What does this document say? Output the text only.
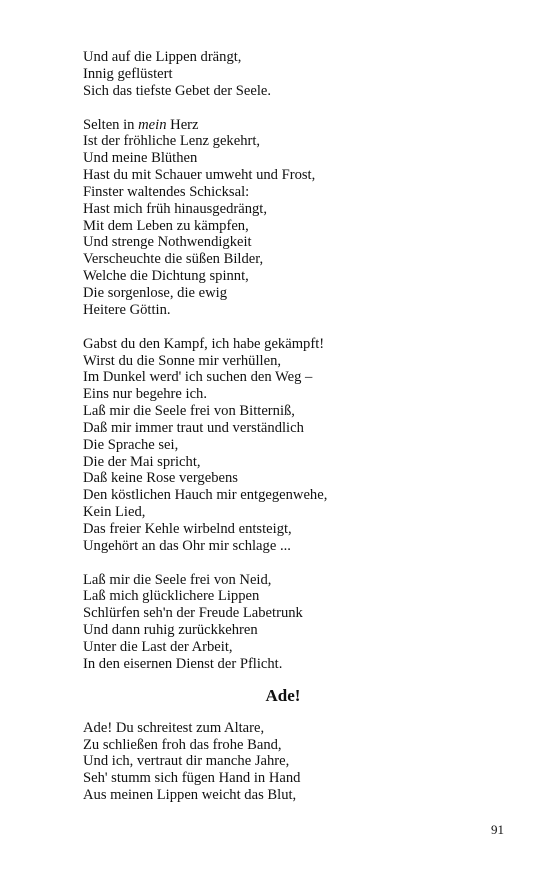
Und auf die Lippen drängt,
Innig geflüstert
Sich das tiefste Gebet der Seele.
Selten in mein Herz
Ist der fröhliche Lenz gekehrt,
Und meine Blüthen
Hast du mit Schauer umweht und Frost,
Finster waltendes Schicksal:
Hast mich früh hinausgedrängt,
Mit dem Leben zu kämpfen,
Und strenge Nothwendigkeit
Verscheuchte die süßen Bilder,
Welche die Dichtung spinnt,
Die sorgenlose, die ewig
Heitere Göttin.
Gabst du den Kampf, ich habe gekämpft!
Wirst du die Sonne mir verhüllen,
Im Dunkel werd' ich suchen den Weg –
Eins nur begehre ich.
Laß mir die Seele frei von Bitterniß,
Daß mir immer traut und verständlich
Die Sprache sei,
Die der Mai spricht,
Daß keine Rose vergebens
Den köstlichen Hauch mir entgegenwehe,
Kein Lied,
Das freier Kehle wirbelnd entsteigt,
Ungehört an das Ohr mir schlage ...
Laß mir die Seele frei von Neid,
Laß mich glücklichere Lippen
Schlürfen seh'n der Freude Labetrunk
Und dann ruhig zurückkehren
Unter die Last der Arbeit,
In den eisernen Dienst der Pflicht.
Ade!
Ade! Du schreitest zum Altare,
Zu schließen froh das frohe Band,
Und ich, vertraut dir manche Jahre,
Seh' stumm sich fügen Hand in Hand
Aus meinen Lippen weicht das Blut,
91
